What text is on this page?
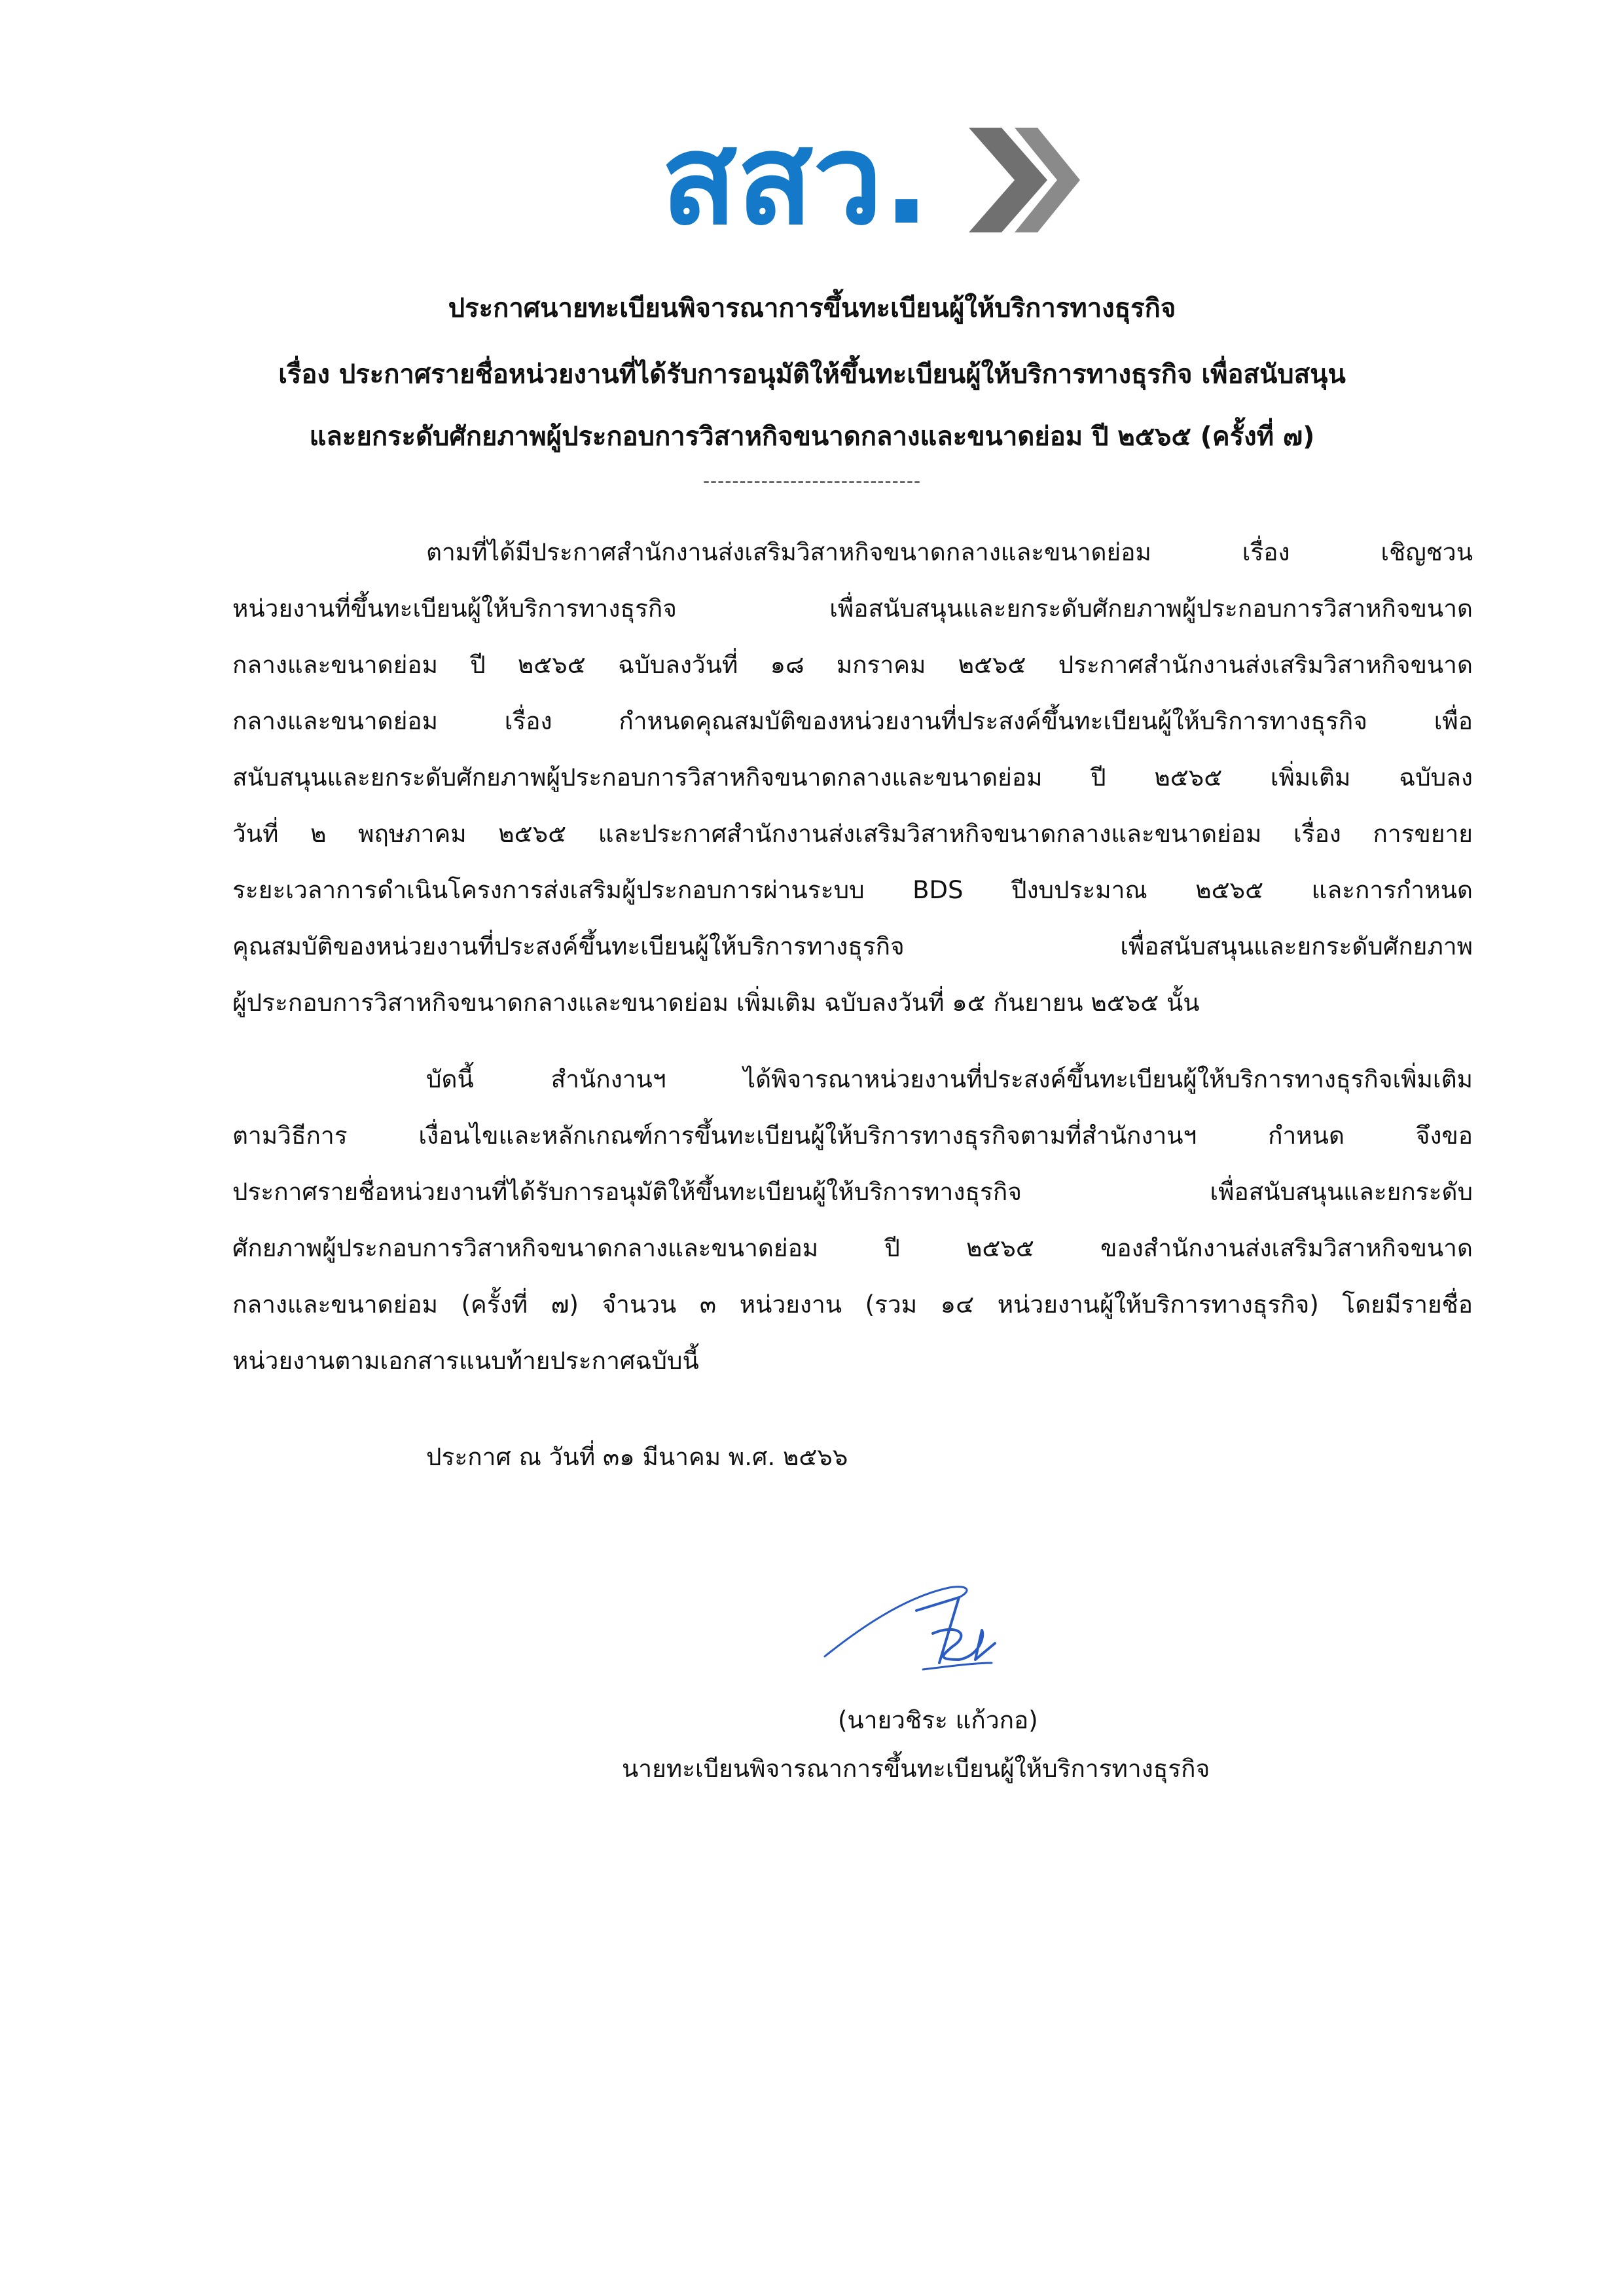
สสว.
ประกาศนายทะเบียนพิจารณาการขึ้นทะเบียนผู้ให้บริการทางธุรกิจ
เรื่อง ประกาศรายชื่อหน่วยงานที่ได้รับการอนุมัติให้ขึ้นทะเบียนผู้ให้บริการทางธุรกิจ เพื่อสนับสนุน
และยกระดับศักยภาพผู้ประกอบการวิสาหกิจขนาดกลางและขนาดย่อม ปี ๒๕๖๕ (ครั้งที่ ๗)
------------------------------
ตามที่ได้มีประกาศสำนักงานส่งเสริมวิสาหกิจขนาดกลางและขนาดย่อม เรื่อง เชิญชวน
หน่วยงานที่ขึ้นทะเบียนผู้ให้บริการทางธุรกิจ เพื่อสนับสนุนและยกระดับศักยภาพผู้ประกอบการวิสาหกิจขนาด
กลางและขนาดย่อม ปี ๒๕๖๕ ฉบับลงวันที่ ๑๘ มกราคม ๒๕๖๕ ประกาศสำนักงานส่งเสริมวิสาหกิจขนาด
กลางและขนาดย่อม เรื่อง กำหนดคุณสมบัติของหน่วยงานที่ประสงค์ขึ้นทะเบียนผู้ให้บริการทางธุรกิจ เพื่อ
สนับสนุนและยกระดับศักยภาพผู้ประกอบการวิสาหกิจขนาดกลางและขนาดย่อม ปี ๒๕๖๕ เพิ่มเติม ฉบับลง
วันที่ ๒ พฤษภาคม ๒๕๖๕ และประกาศสำนักงานส่งเสริมวิสาหกิจขนาดกลางและขนาดย่อม เรื่อง การขยาย
ระยะเวลาการดำเนินโครงการส่งเสริมผู้ประกอบการผ่านระบบ BDS ปีงบประมาณ ๒๕๖๕ และการกำหนด
คุณสมบัติของหน่วยงานที่ประสงค์ขึ้นทะเบียนผู้ให้บริการทางธุรกิจ เพื่อสนับสนุนและยกระดับศักยภาพ
ผู้ประกอบการวิสาหกิจขนาดกลางและขนาดย่อม เพิ่มเติม ฉบับลงวันที่ ๑๕ กันยายน ๒๕๖๕ นั้น
บัดนี้ สำนักงานฯ ได้พิจารณาหน่วยงานที่ประสงค์ขึ้นทะเบียนผู้ให้บริการทางธุรกิจเพิ่มเติม
ตามวิธีการ เงื่อนไขและหลักเกณฑ์การขึ้นทะเบียนผู้ให้บริการทางธุรกิจตามที่สำนักงานฯ กำหนด จึงขอ
ประกาศรายชื่อหน่วยงานที่ได้รับการอนุมัติให้ขึ้นทะเบียนผู้ให้บริการทางธุรกิจ เพื่อสนับสนุนและยกระดับ
ศักยภาพผู้ประกอบการวิสาหกิจขนาดกลางและขนาดย่อม ปี ๒๕๖๕ ของสำนักงานส่งเสริมวิสาหกิจขนาด
กลางและขนาดย่อม (ครั้งที่ ๗) จำนวน ๓ หน่วยงาน (รวม ๑๔ หน่วยงานผู้ให้บริการทางธุรกิจ) โดยมีรายชื่อ
หน่วยงานตามเอกสารแนบท้ายประกาศฉบับนี้
ประกาศ ณ วันที่ ๓๑ มีนาคม พ.ศ. ๒๕๖๖
(นายวชิระ แก้วกอ)
นายทะเบียนพิจารณาการขึ้นทะเบียนผู้ให้บริการทางธุรกิจ
